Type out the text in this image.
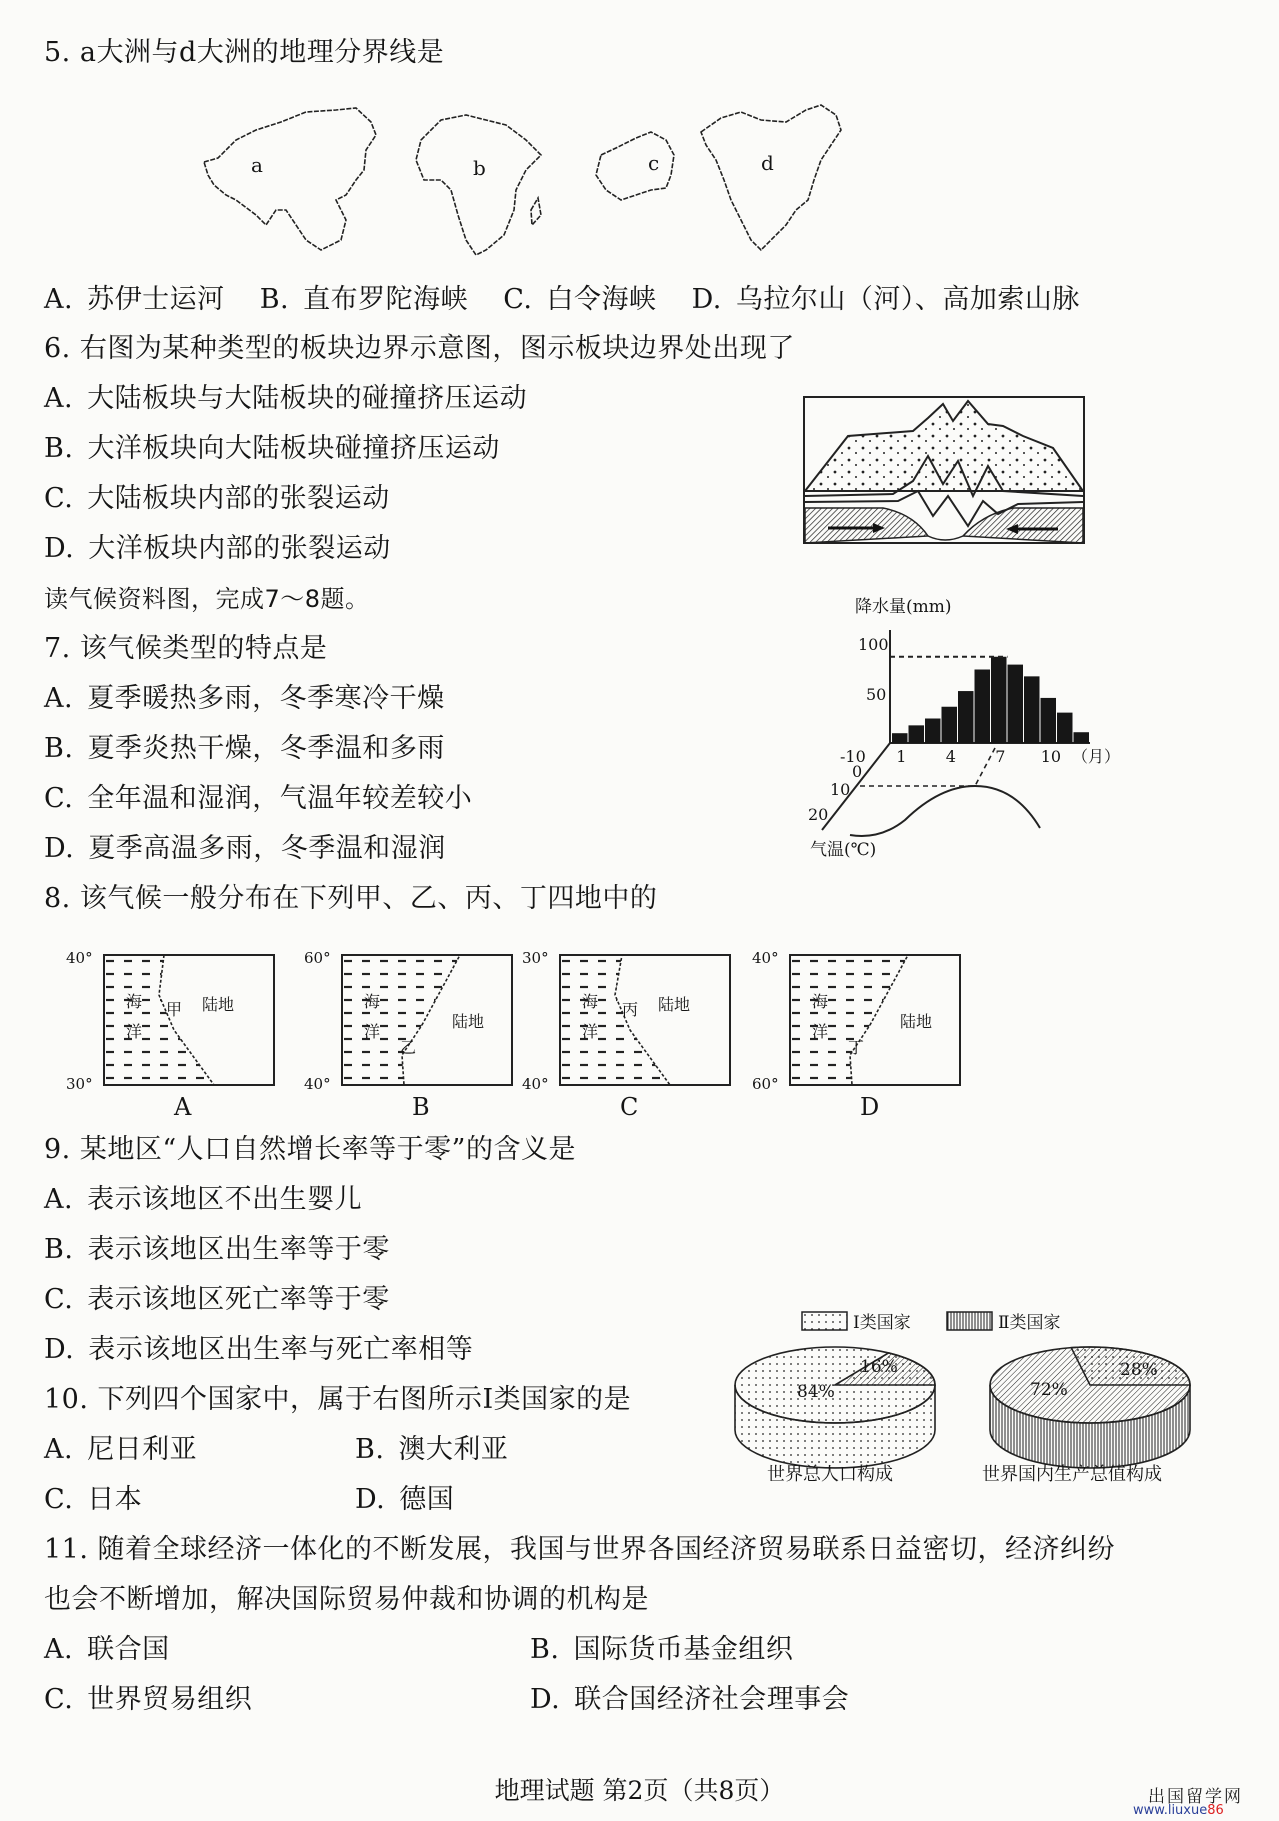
5. a大洲与d大洲的地理分界线是
a	b	c	d
A. 苏伊士运河 B. 直布罗陀海峡 C. 白令海峡 D. 乌拉尔山（河）、高加索山脉
6. 右图为某种类型的板块边界示意图，图示板块边界处出现了
A. 大陆板块与大陆板块的碰撞挤压运动
B. 大洋板块向大陆板块碰撞挤压运动
C. 大陆板块内部的张裂运动
D. 大洋板块内部的张裂运动
读气候资料图，完成7～8题。
7. 该气候类型的特点是
A. 夏季暖热多雨，冬季寒冷干燥
B. 夏季炎热干燥，冬季温和多雨
C. 全年温和湿润，气温年较差较小
D. 夏季高温多雨，冬季温和湿润
降水量(mm)
100
50
1 4 7 10 （月）
-10
0
10
20
气温(℃)
8. 该气候一般分布在下列甲、乙、丙、丁四地中的
40°
30°
海
洋
甲 陆地
A
60°
40°
海
洋
乙
陆地
B
30°
40°
海
洋
丙 陆地
C
40°
60°
海
洋
丁
陆地
D
9. 某地区“人口自然增长率等于零”的含义是
A. 表示该地区不出生婴儿
B. 表示该地区出生率等于零
C. 表示该地区死亡率等于零
D. 表示该地区出生率与死亡率相等
10. 下列四个国家中，属于右图所示Ⅰ类国家的是
A. 尼日利亚	B. 澳大利亚
C. 日本	D. 德国
Ⅰ类国家	Ⅱ类国家
84%
16%
72%
28%
世界总人口构成	世界国内生产总值构成
11. 随着全球经济一体化的不断发展，我国与世界各国经济贸易联系日益密切，经济纠纷
也会不断增加，解决国际贸易仲裁和协调的机构是
A. 联合国	B. 国际货币基金组织
C. 世界贸易组织	D. 联合国经济社会理事会
地理试题 第2页（共8页）	出国留学网
www.liuxue86
